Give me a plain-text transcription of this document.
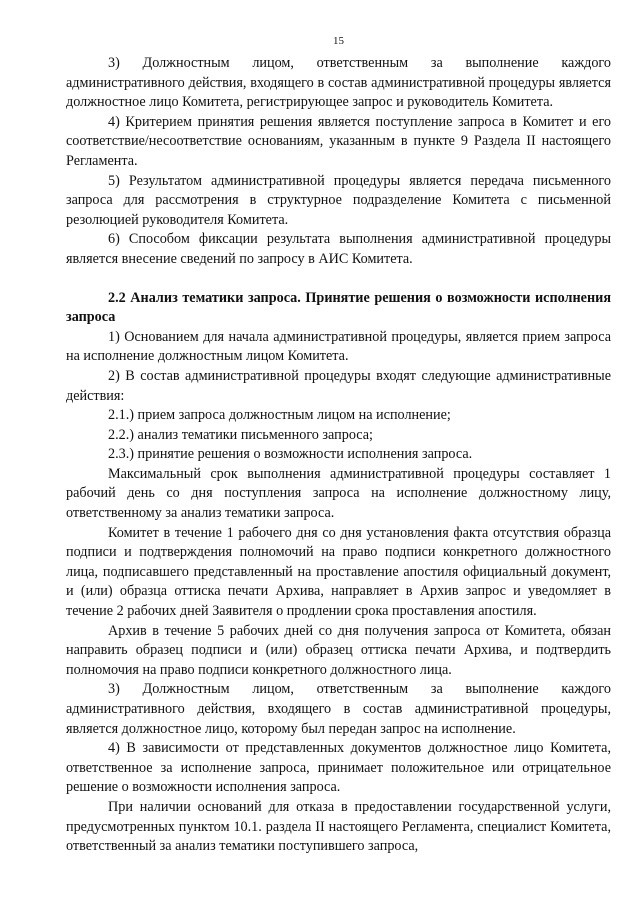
15

3) Должностным лицом, ответственным за выполнение каждого административного действия, входящего в состав административной процедуры является должностное лицо Комитета, регистрирующее запрос и руководитель Комитета.

4) Критерием принятия решения является поступление запроса в Комитет и его соответствие/несоответствие основаниям, указанным в пункте 9 Раздела II настоящего Регламента.

5) Результатом административной процедуры является передача письменного запроса для рассмотрения в структурное подразделение Комитета с письменной резолюцией руководителя Комитета.

6) Способом фиксации результата выполнения административной процедуры является внесение сведений по запросу в АИС Комитета.

2.2 Анализ тематики запроса. Принятие решения о возможности исполнения запроса

1) Основанием для начала административной процедуры, является прием запроса на исполнение должностным лицом Комитета.

2) В состав административной процедуры входят следующие административные действия:

2.1.) прием запроса должностным лицом на исполнение;

2.2.) анализ тематики письменного запроса;

2.3.) принятие решения о возможности исполнения запроса.

Максимальный срок выполнения административной процедуры составляет 1 рабочий день со дня поступления запроса на исполнение должностному лицу, ответственному за анализ тематики запроса.

Комитет в течение 1 рабочего дня со дня установления факта отсутствия образца подписи и подтверждения полномочий на право подписи конкретного должностного лица, подписавшего представленный на проставление апостиля официальный документ, и (или) образца оттиска печати Архива, направляет в Архив запрос и уведомляет в течение 2 рабочих дней Заявителя о продлении срока проставления апостиля.

Архив в течение 5 рабочих дней со дня получения запроса от Комитета, обязан направить образец подписи и (или) образец оттиска печати Архива, и подтвердить полномочия на право подписи конкретного должностного лица.

3) Должностным лицом, ответственным за выполнение каждого административного действия, входящего в состав административной процедуры, является должностное лицо, которому был передан запрос на исполнение.

4) В зависимости от представленных документов должностное лицо Комитета, ответственное за исполнение запроса, принимает положительное или отрицательное решение о возможности исполнения запроса.

При наличии оснований для отказа в предоставлении государственной услуги, предусмотренных пунктом 10.1. раздела II настоящего Регламента, специалист Комитета, ответственный за анализ тематики поступившего запроса,
